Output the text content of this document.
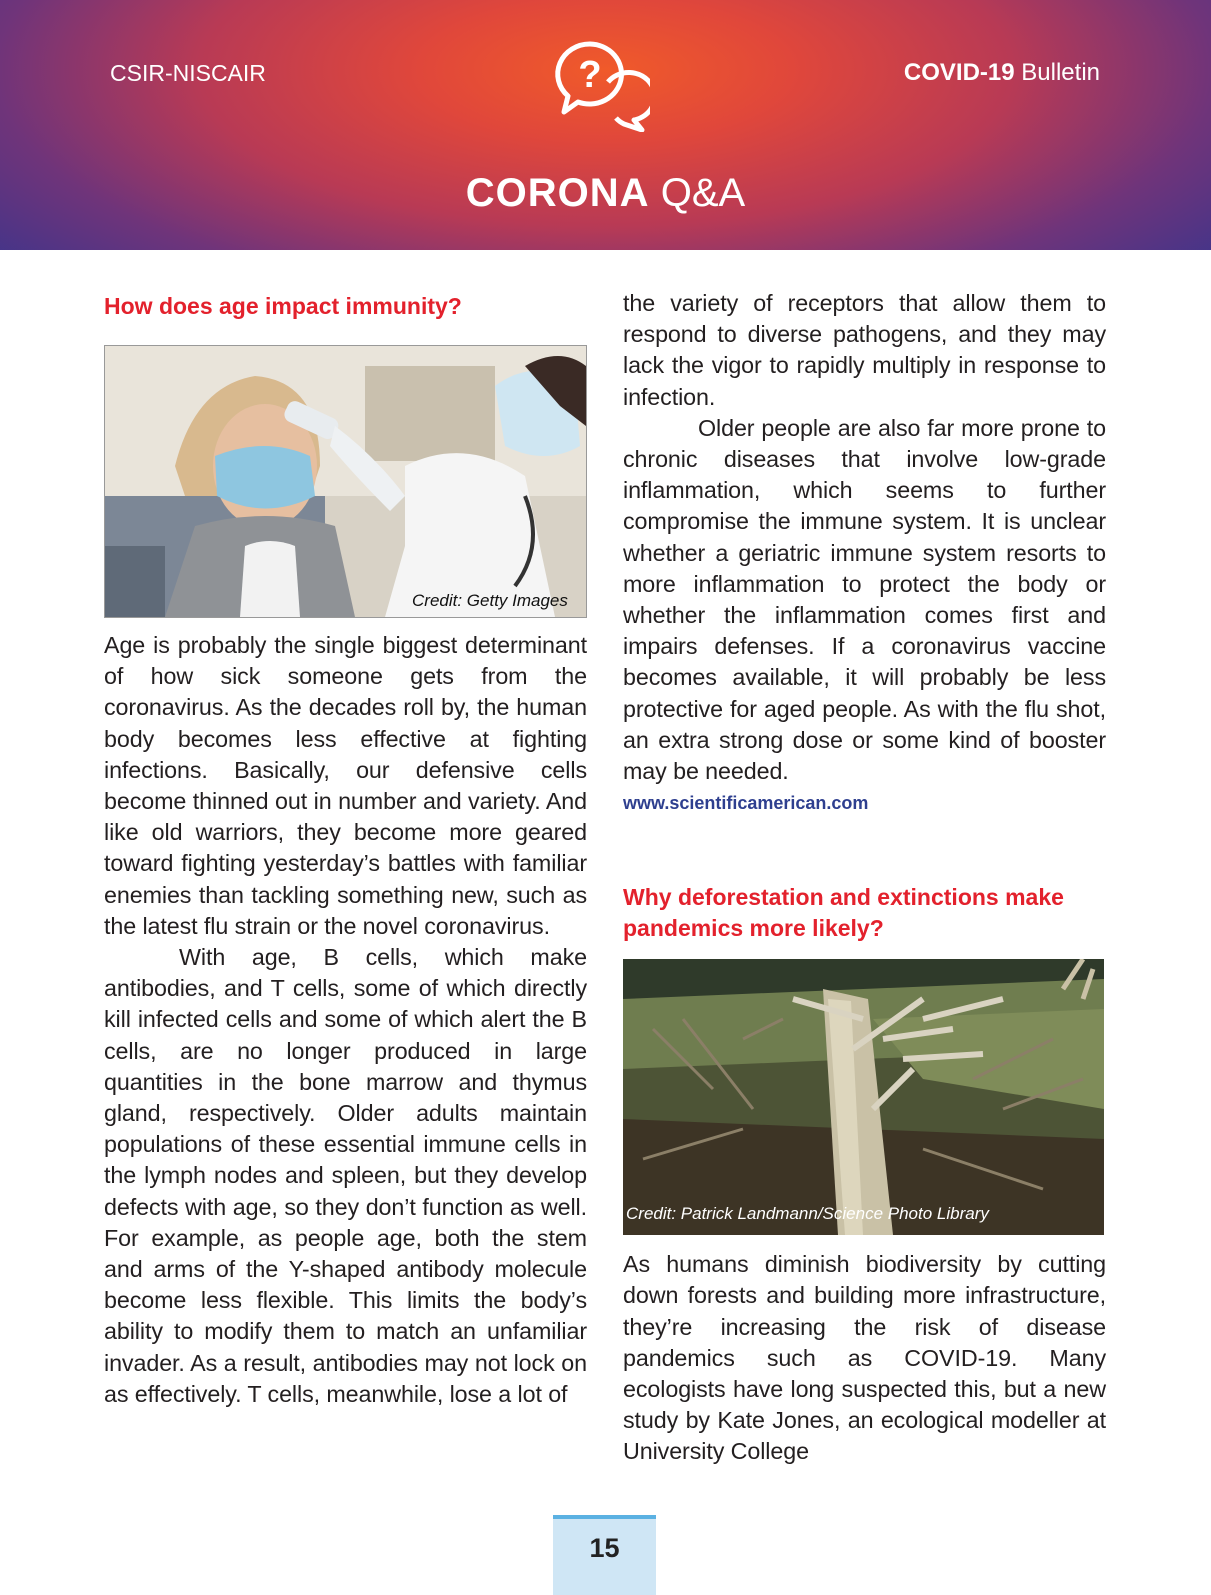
CSIR-NISCAIR	?	COVID-19 Bulletin
CORONA Q&A
How does age impact immunity?
Credit: Getty Images

Age is probably the single biggest determinant of how sick someone gets from the coronavirus. As the decades roll by, the human body becomes less effective at fighting infections. Basically, our defensive cells become thinned out in number and variety. And like old warriors, they become more geared toward fighting yesterday’s battles with familiar enemies than tackling something new, such as the latest flu strain or the novel coronavirus.

With age, B cells, which make antibodies, and T cells, some of which directly kill infected cells and some of which alert the B cells, are no longer produced in large quantities in the bone marrow and thymus gland, respectively. Older adults maintain populations of these essential immune cells in the lymph nodes and spleen, but they develop defects with age, so they don’t function as well. For example, as people age, both the stem and arms of the Y-shaped antibody molecule become less flexible. This limits the body’s ability to modify them to match an unfamiliar invader. As a result, antibodies may not lock on as effectively. T cells, meanwhile, lose a lot of

the variety of receptors that allow them to respond to diverse pathogens, and they may lack the vigor to rapidly multiply in response to infection.

Older people are also far more prone to chronic diseases that involve low-grade inflammation, which seems to further compromise the immune system. It is unclear whether a geriatric immune system resorts to more inflammation to protect the body or whether the inflammation comes first and impairs defenses. If a coronavirus vaccine becomes available, it will probably be less protective for aged people. As with the flu shot, an extra strong dose or some kind of booster may be needed.

www.scientificamerican.com
Why deforestation and extinctions make pandemics more likely?
Credit: Patrick Landmann/Science Photo Library

As humans diminish biodiversity by cutting down forests and building more infrastructure, they’re increasing the risk of disease pandemics such as COVID-19. Many ecologists have long suspected this, but a new study by Kate Jones, an ecological modeller at University College

15
